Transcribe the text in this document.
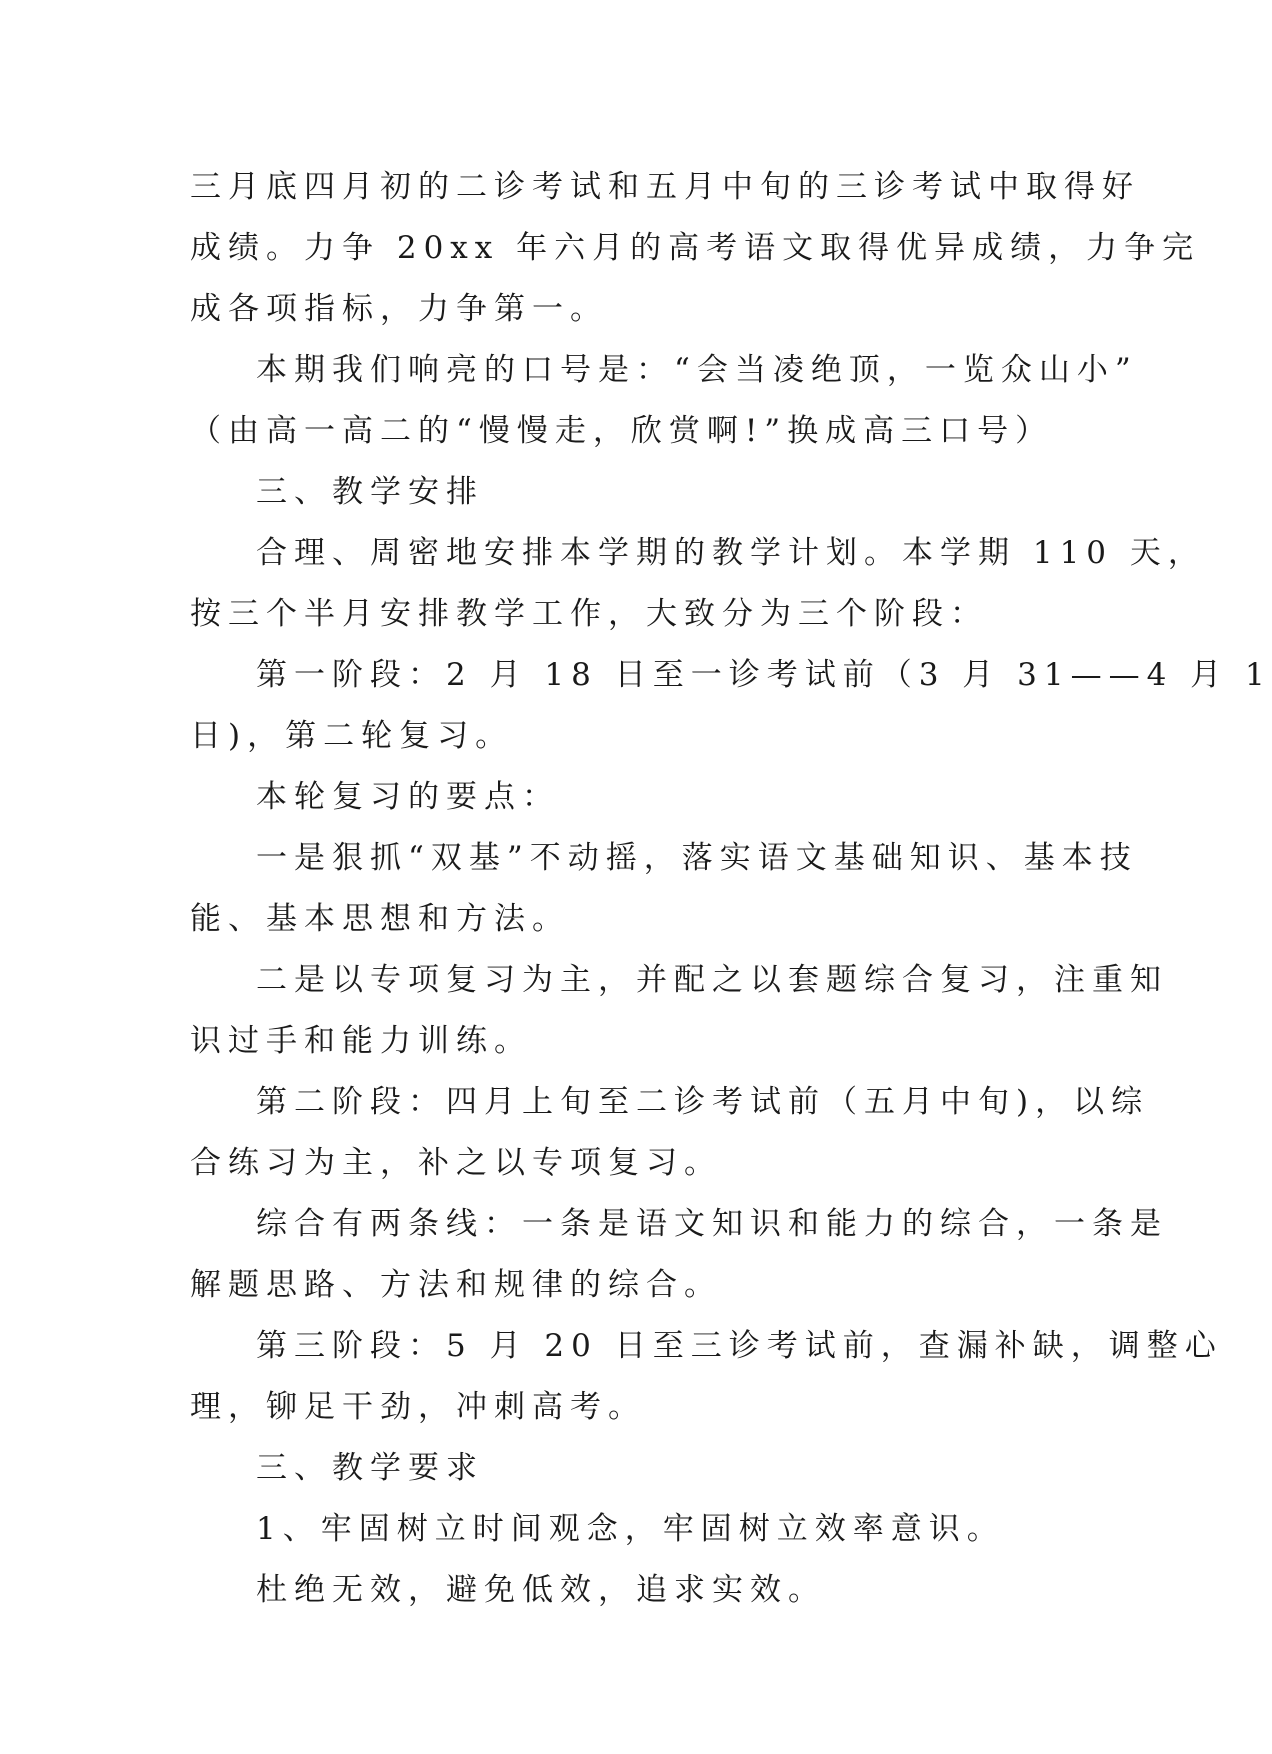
三月底四月初的二诊考试和五月中旬的三诊考试中取得好
成绩。力争 20xx 年六月的高考语文取得优异成绩，力争完
成各项指标，力争第一。
本期我们响亮的口号是：“会当凌绝顶，一览众山小”
（由高一高二的“慢慢走，欣赏啊!”换成高三口号）
三、教学安排
合理、周密地安排本学期的教学计划。本学期 110 天，
按三个半月安排教学工作，大致分为三个阶段：
第一阶段：2 月 18 日至一诊考试前（3 月 31——4 月 1
日)，第二轮复习。
本轮复习的要点：
一是狠抓“双基”不动摇，落实语文基础知识、基本技
能、基本思想和方法。
二是以专项复习为主，并配之以套题综合复习，注重知
识过手和能力训练。
第二阶段：四月上旬至二诊考试前（五月中旬)，以综
合练习为主，补之以专项复习。
综合有两条线：一条是语文知识和能力的综合，一条是
解题思路、方法和规律的综合。
第三阶段：5 月 20 日至三诊考试前，查漏补缺，调整心
理，铆足干劲，冲刺高考。
三、教学要求
1、牢固树立时间观念，牢固树立效率意识。
杜绝无效，避免低效，追求实效。
